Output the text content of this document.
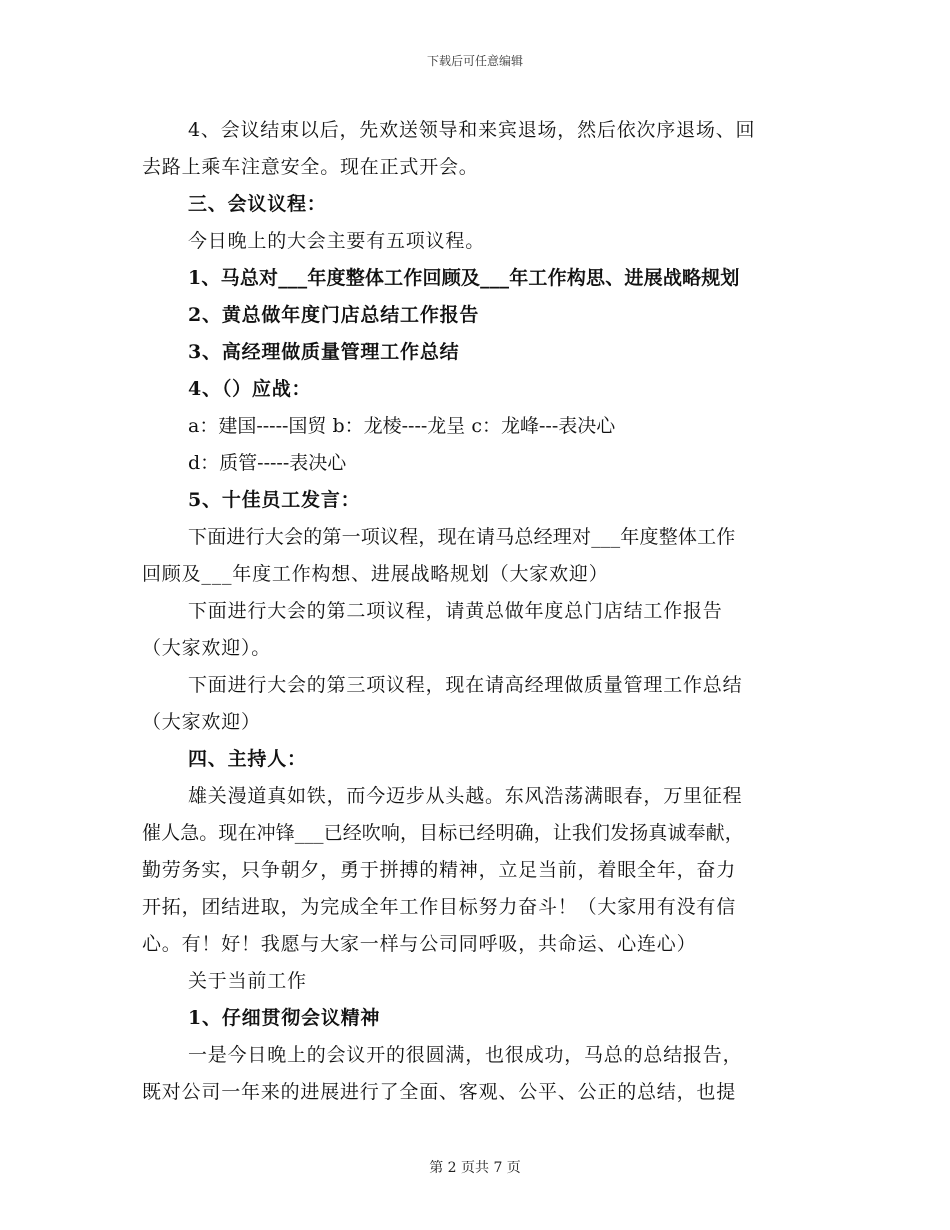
下载后可任意编辑
4、会议结束以后，先欢送领导和来宾退场，然后依次序退场、回
去路上乘车注意安全。现在正式开会。
三、会议议程：
今日晚上的大会主要有五项议程。
1、马总对___年度整体工作回顾及___年工作构思、进展战略规划
2、黄总做年度门店总结工作报告
3、高经理做质量管理工作总结
4、（）应战：
a：建国-----国贸 b：龙棱----龙呈 c：龙峰---表决心
d：质管-----表决心
5、十佳员工发言：
下面进行大会的第一项议程，现在请马总经理对___年度整体工作
回顾及___年度工作构想、进展战略规划（大家欢迎）
下面进行大会的第二项议程，请黄总做年度总门店结工作报告
（大家欢迎）。
下面进行大会的第三项议程，现在请高经理做质量管理工作总结
（大家欢迎）
四、主持人：
雄关漫道真如铁，而今迈步从头越。东风浩荡满眼春，万里征程
催人急。现在冲锋___已经吹响，目标已经明确，让我们发扬真诚奉献，
勤劳务实，只争朝夕，勇于拼搏的精神，立足当前，着眼全年，奋力
开拓，团结进取，为完成全年工作目标努力奋斗！（大家用有没有信
心。有！好！我愿与大家一样与公司同呼吸，共命运、心连心）
关于当前工作
1、仔细贯彻会议精神
一是今日晚上的会议开的很圆满，也很成功，马总的总结报告，
既对公司一年来的进展进行了全面、客观、公平、公正的总结，也提
第 2 页共 7 页
